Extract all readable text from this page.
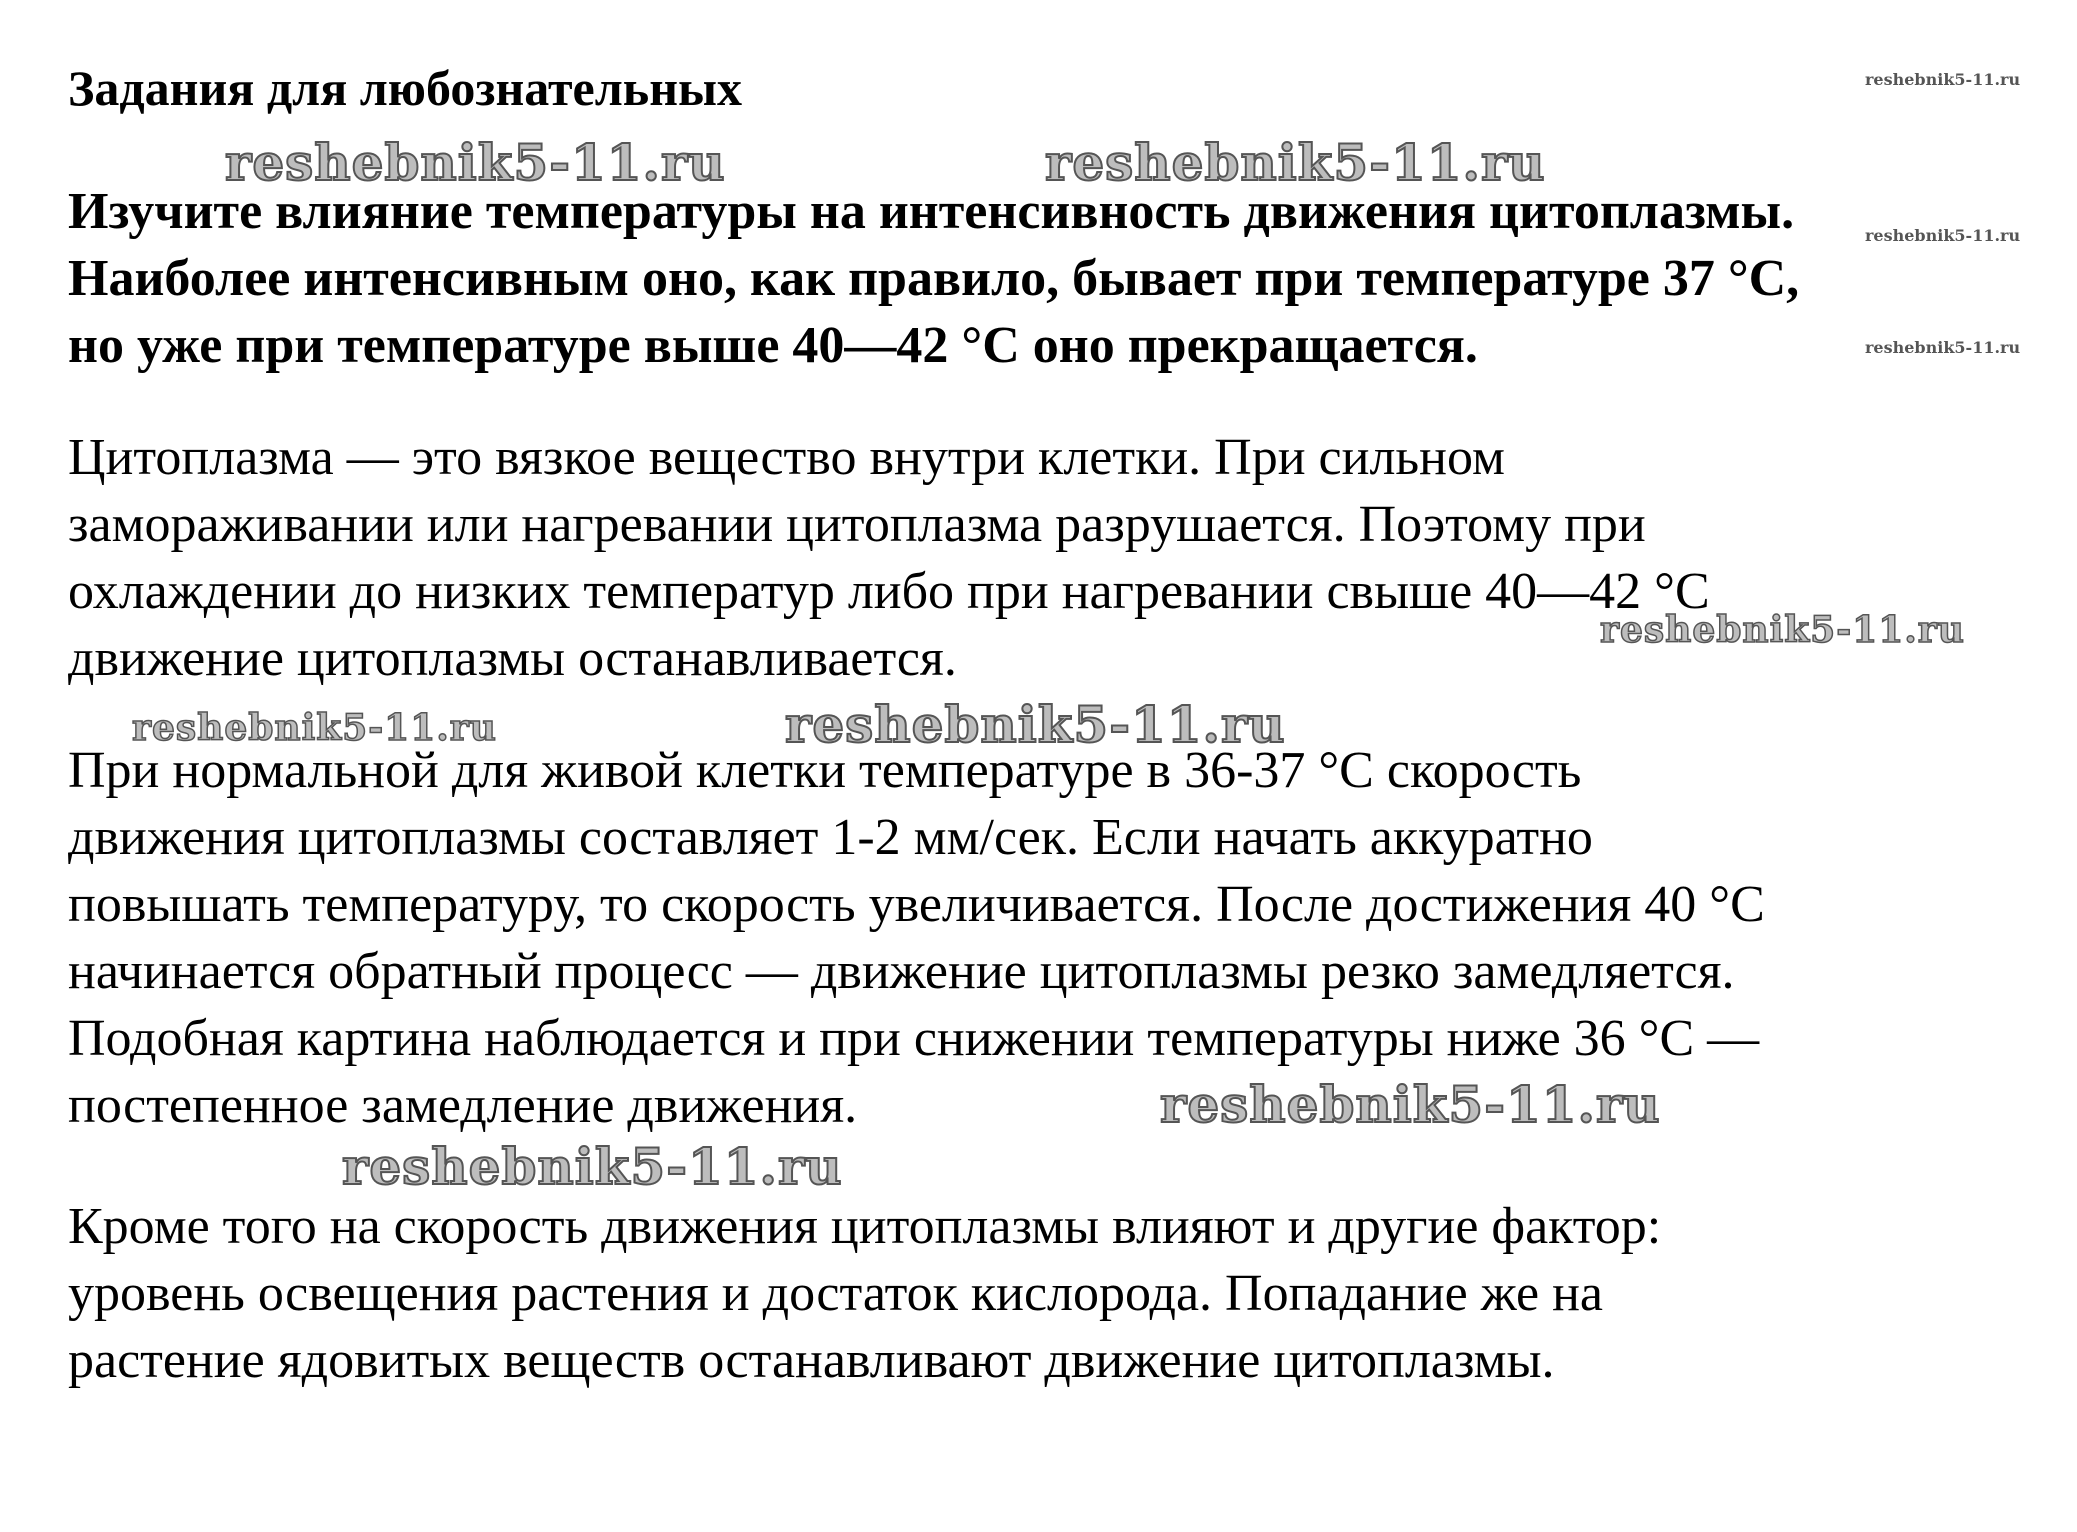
Задания для любознательных
Изучите влияние температуры на интенсивность движения цитоплазмы.
Наиболее интенсивным оно, как правило, бывает при температуре 37 °С,
но уже при температуре выше 40—42 °С оно прекращается.
Цитоплазма — это вязкое вещество внутри клетки. При сильном
замораживании или нагревании цитоплазма разрушается. Поэтому при
охлаждении до низких температур либо при нагревании свыше 40—42 °С
движение цитоплазмы останавливается.
При нормальной для живой клетки температуре в 36-37 °С скорость
движения цитоплазмы составляет 1-2 мм/сек. Если начать аккуратно
повышать температуру, то скорость увеличивается. После достижения 40 °С
начинается обратный процесс — движение цитоплазмы резко замедляется.
Подобная картина наблюдается и при снижении температуры ниже 36 °С —
постепенное замедление движения.
Кроме того на скорость движения цитоплазмы влияют и другие фактор:
уровень освещения растения и достаток кислорода. Попадание же на
растение ядовитых веществ останавливают движение цитоплазмы.
reshebnik5-11.ru
reshebnik5-11.ru	reshebnik5-11.ru
reshebnik5-11.ru
reshebnik5-11.ru
reshebnik5-11.ru
reshebnik5-11.ru	reshebnik5-11.ru
reshebnik5-11.ru
reshebnik5-11.ru
